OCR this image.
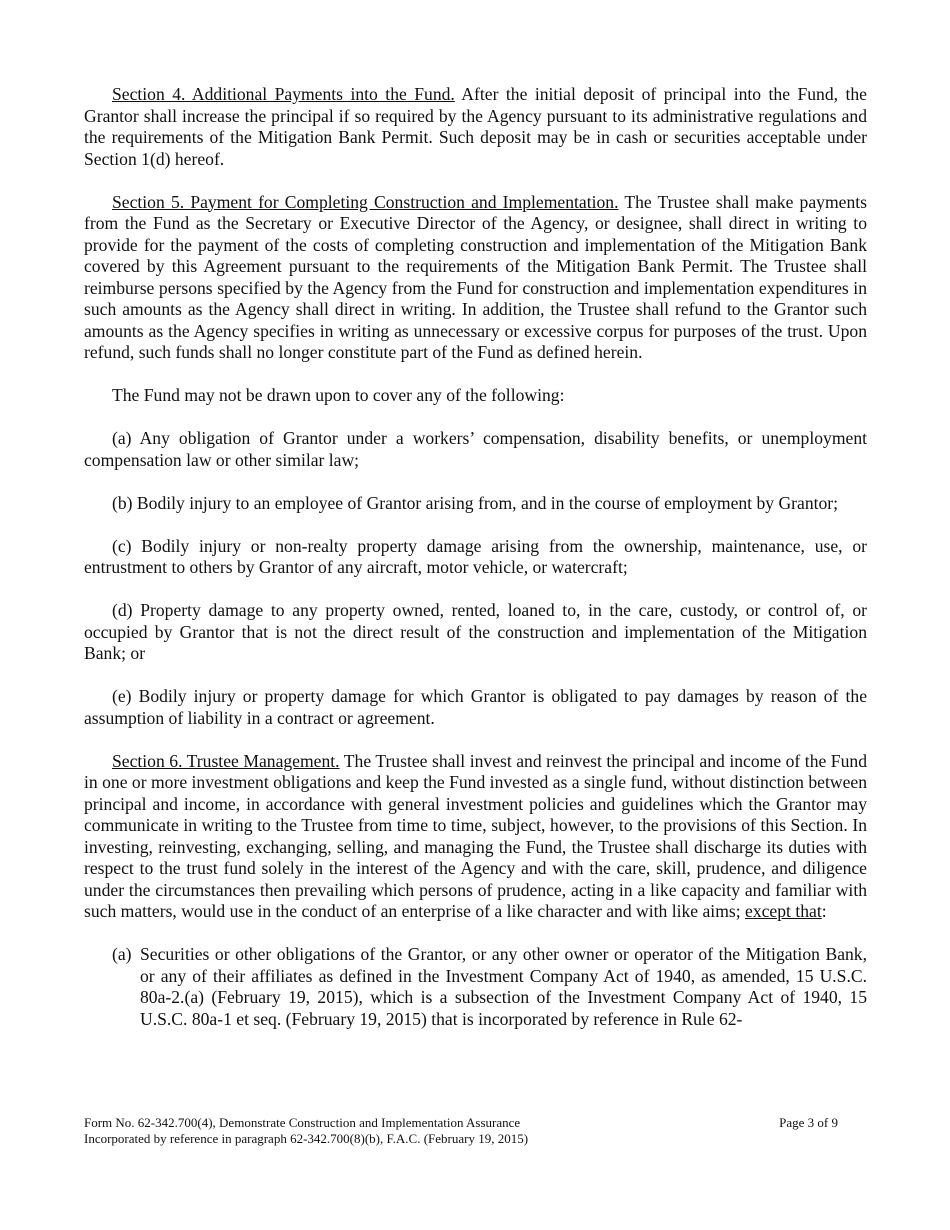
Section 4. Additional Payments into the Fund. After the initial deposit of principal into the Fund, the Grantor shall increase the principal if so required by the Agency pursuant to its administrative regulations and the requirements of the Mitigation Bank Permit. Such deposit may be in cash or securities acceptable under Section 1(d) hereof.

Section 5. Payment for Completing Construction and Implementation. The Trustee shall make payments from the Fund as the Secretary or Executive Director of the Agency, or designee, shall direct in writing to provide for the payment of the costs of completing construction and implementation of the Mitigation Bank covered by this Agreement pursuant to the requirements of the Mitigation Bank Permit. The Trustee shall reimburse persons specified by the Agency from the Fund for construction and implementation expenditures in such amounts as the Agency shall direct in writing. In addition, the Trustee shall refund to the Grantor such amounts as the Agency specifies in writing as unnecessary or excessive corpus for purposes of the trust. Upon refund, such funds shall no longer constitute part of the Fund as defined herein.

The Fund may not be drawn upon to cover any of the following:

(a) Any obligation of Grantor under a workers’ compensation, disability benefits, or unemployment compensation law or other similar law;

(b) Bodily injury to an employee of Grantor arising from, and in the course of employment by Grantor;

(c) Bodily injury or non-realty property damage arising from the ownership, maintenance, use, or entrustment to others by Grantor of any aircraft, motor vehicle, or watercraft;

(d) Property damage to any property owned, rented, loaned to, in the care, custody, or control of, or occupied by Grantor that is not the direct result of the construction and implementation of the Mitigation Bank; or

(e) Bodily injury or property damage for which Grantor is obligated to pay damages by reason of the assumption of liability in a contract or agreement.

Section 6. Trustee Management. The Trustee shall invest and reinvest the principal and income of the Fund in one or more investment obligations and keep the Fund invested as a single fund, without distinction between principal and income, in accordance with general investment policies and guidelines which the Grantor may communicate in writing to the Trustee from time to time, subject, however, to the provisions of this Section. In investing, reinvesting, exchanging, selling, and managing the Fund, the Trustee shall discharge its duties with respect to the trust fund solely in the interest of the Agency and with the care, skill, prudence, and diligence under the circumstances then prevailing which persons of prudence, acting in a like capacity and familiar with such matters, would use in the conduct of an enterprise of a like character and with like aims; except that:

(a) Securities or other obligations of the Grantor, or any other owner or operator of the Mitigation Bank, or any of their affiliates as defined in the Investment Company Act of 1940, as amended, 15 U.S.C. 80a-2.(a) (February 19, 2015), which is a subsection of the Investment Company Act of 1940, 15 U.S.C. 80a-1 et seq. (February 19, 2015) that is incorporated by reference in Rule 62-
Form No. 62-342.700(4), Demonstrate Construction and Implementation Assurance
Incorporated by reference in paragraph 62-342.700(8)(b), F.A.C. (February 19, 2015)
Page 3 of 9
